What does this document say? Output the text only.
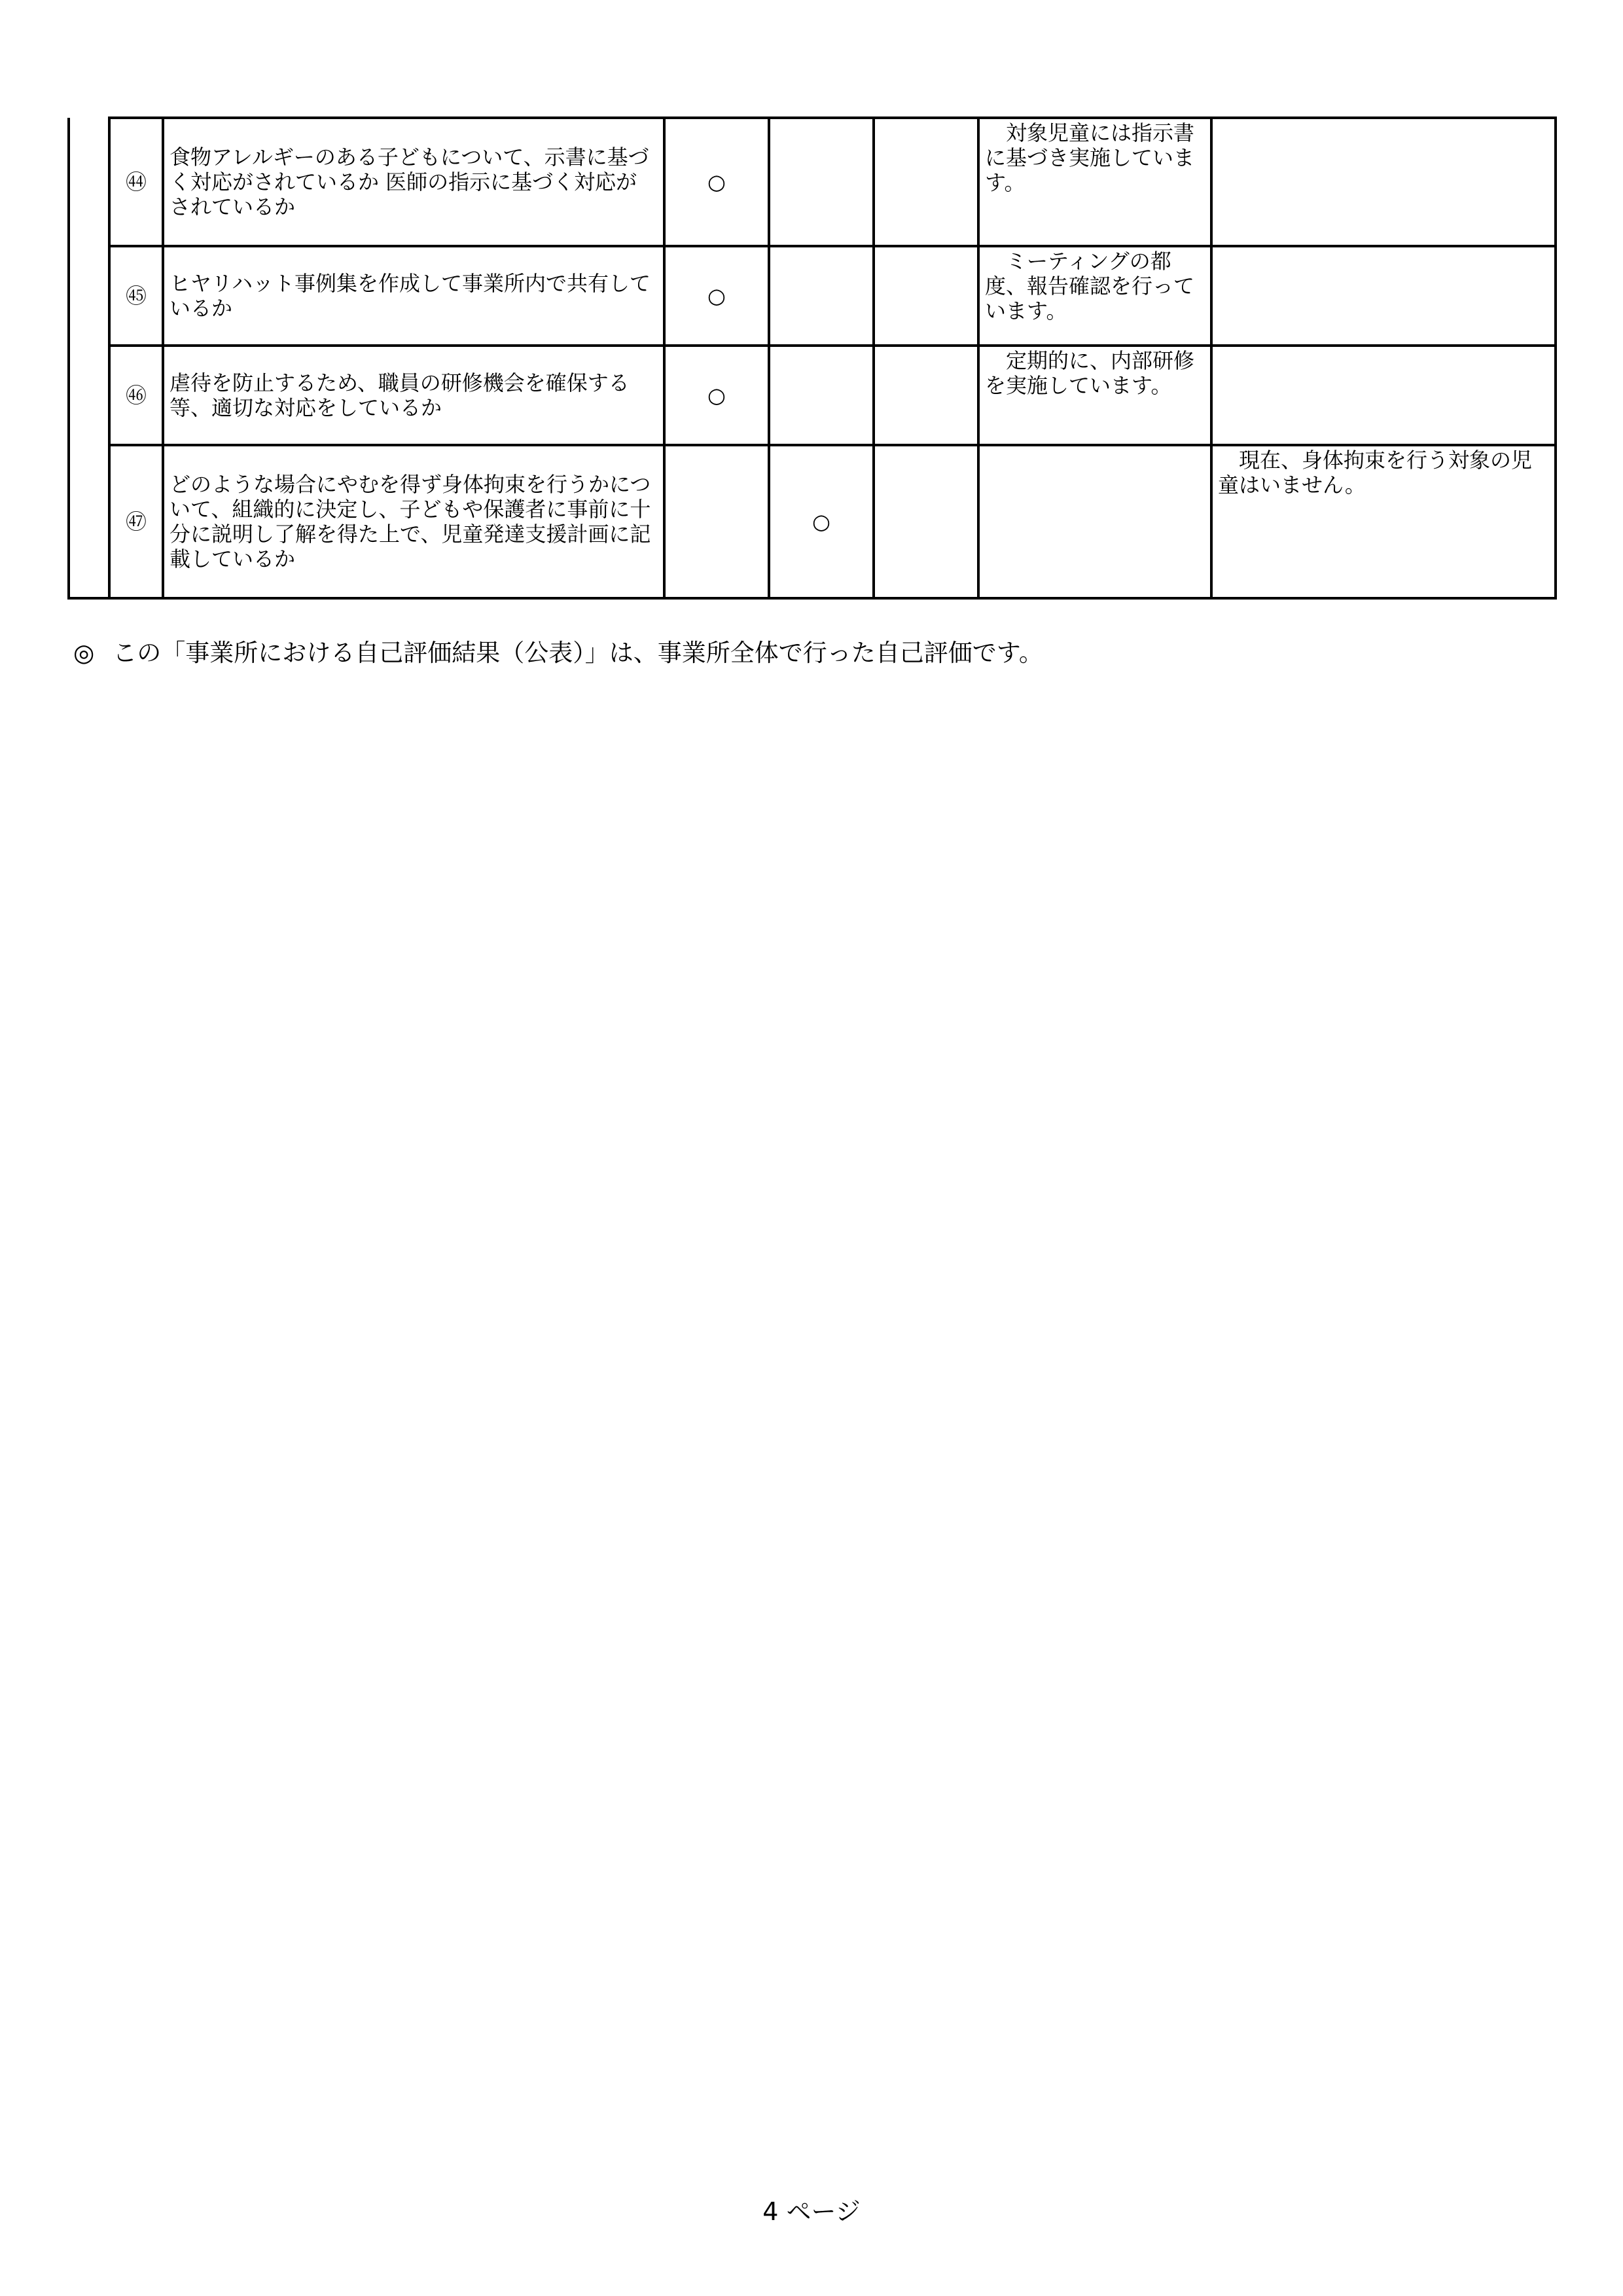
	㊹	食物アレルギーのある子どもについて、示書に基づく対応がされているか 医師の指示に基づく対応がされているか	○			　対象児童には指示書に基づき実施しています。	
	㊺	ヒヤリハット事例集を作成して事業所内で共有しているか	○			　ミーティングの都度、報告確認を行っています。	
	㊻	虐待を防止するため、職員の研修機会を確保する等、適切な対応をしているか	○			　定期的に、内部研修を実施しています。	
	㊼	どのような場合にやむを得ず身体拘束を行うかについて、組織的に決定し、子どもや保護者に事前に十分に説明し了解を得た上で、児童発達支援計画に記載しているか		○			　現在、身体拘束を行う対象の児童はいません。
◎ この「事業所における自己評価結果（公表）」は、事業所全体で行った自己評価です。
4 ページ
